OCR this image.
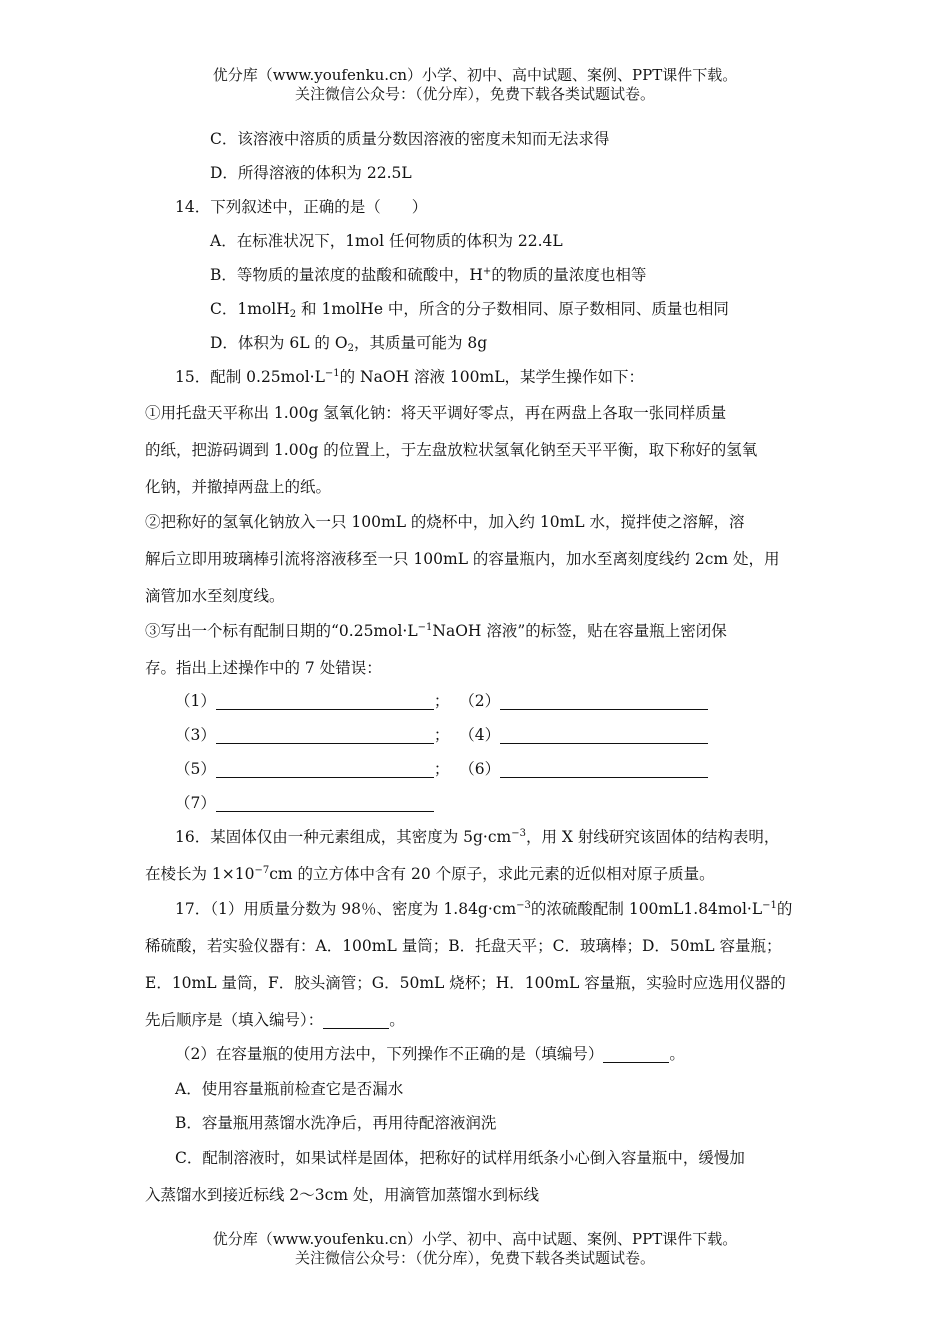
优分库（www.youfenku.cn）小学、初中、高中试题、案例、PPT课件下载。
关注微信公众号：（优分库），免费下载各类试题试卷。
C．该溶液中溶质的质量分数因溶液的密度未知而无法求得
D．所得溶液的体积为 22.5L
14．下列叙述中，正确的是（　　）
A．在标准状况下，1mol 任何物质的体积为 22.4L
B．等物质的量浓度的盐酸和硫酸中，H+的物质的量浓度也相等
C．1molH$_2$ 和 1molHe 中，所含的分子数相同、原子数相同、质量也相同
D．体积为 6L 的 $O_2$，其质量可能为 8g
15．配制 $0.25mol\cdot L^{-1}$的 NaOH 溶液 100mL，某学生操作如下：
①用托盘天平称出 1.00g 氢氧化钠：将天平调好零点，再在两盘上各取一张同样质量
的纸，把游码调到 1.00g 的位置上，于左盘放粒状氢氧化钠至天平平衡，取下称好的氢氧
化钠，并撤掉两盘上的纸。
②把称好的氢氧化钠放入一只 100mL 的烧杯中，加入约 10mL 水，搅拌使之溶解，溶
解后立即用玻璃棒引流将溶液移至一只 100mL 的容量瓶内，加水至离刻度线约 2cm 处，用
滴管加水至刻度线。
③写出一个标有配制日期的“$0.25mol\cdot L^{-1}NaOH$ 溶液”的标签，贴在容量瓶上密闭保
存。指出上述操作中的 7 处错误：
（1）	； （2）
（3）	； （4）
（5）	； （6）
（7）
16．某固体仅由一种元素组成，其密度为 $5g\cdot cm^{-3}$，用 X 射线研究该固体的结构表明，
在棱长为 $1\times 10^{-7}cm$ 的立方体中含有 20 个原子，求此元素的近似相对原子质量。
17．（1）用质量分数为 98％、密度为 $1.84g\cdot cm^{-3}$的浓硫酸配制 $100mL1.84mol\cdot L^{-1}$的
稀硫酸，若实验仪器有：A．100mL 量筒；B．托盘天平；C．玻璃棒；D．50mL 容量瓶；
E．10mL 量筒，F．胶头滴管；G．50mL 烧杯；H．100mL 容量瓶，实验时应选用仪器的
先后顺序是（填入编号）：	。
（2）在容量瓶的使用方法中，下列操作不正确的是（填编号）	。
A．使用容量瓶前检查它是否漏水
B．容量瓶用蒸馏水洗净后，再用待配溶液润洗
C．配制溶液时，如果试样是固体，把称好的试样用纸条小心倒入容量瓶中，缓慢加
入蒸馏水到接近标线 2～3cm 处，用滴管加蒸馏水到标线
优分库（www.youfenku.cn）小学、初中、高中试题、案例、PPT课件下载。
关注微信公众号：（优分库），免费下载各类试题试卷。
